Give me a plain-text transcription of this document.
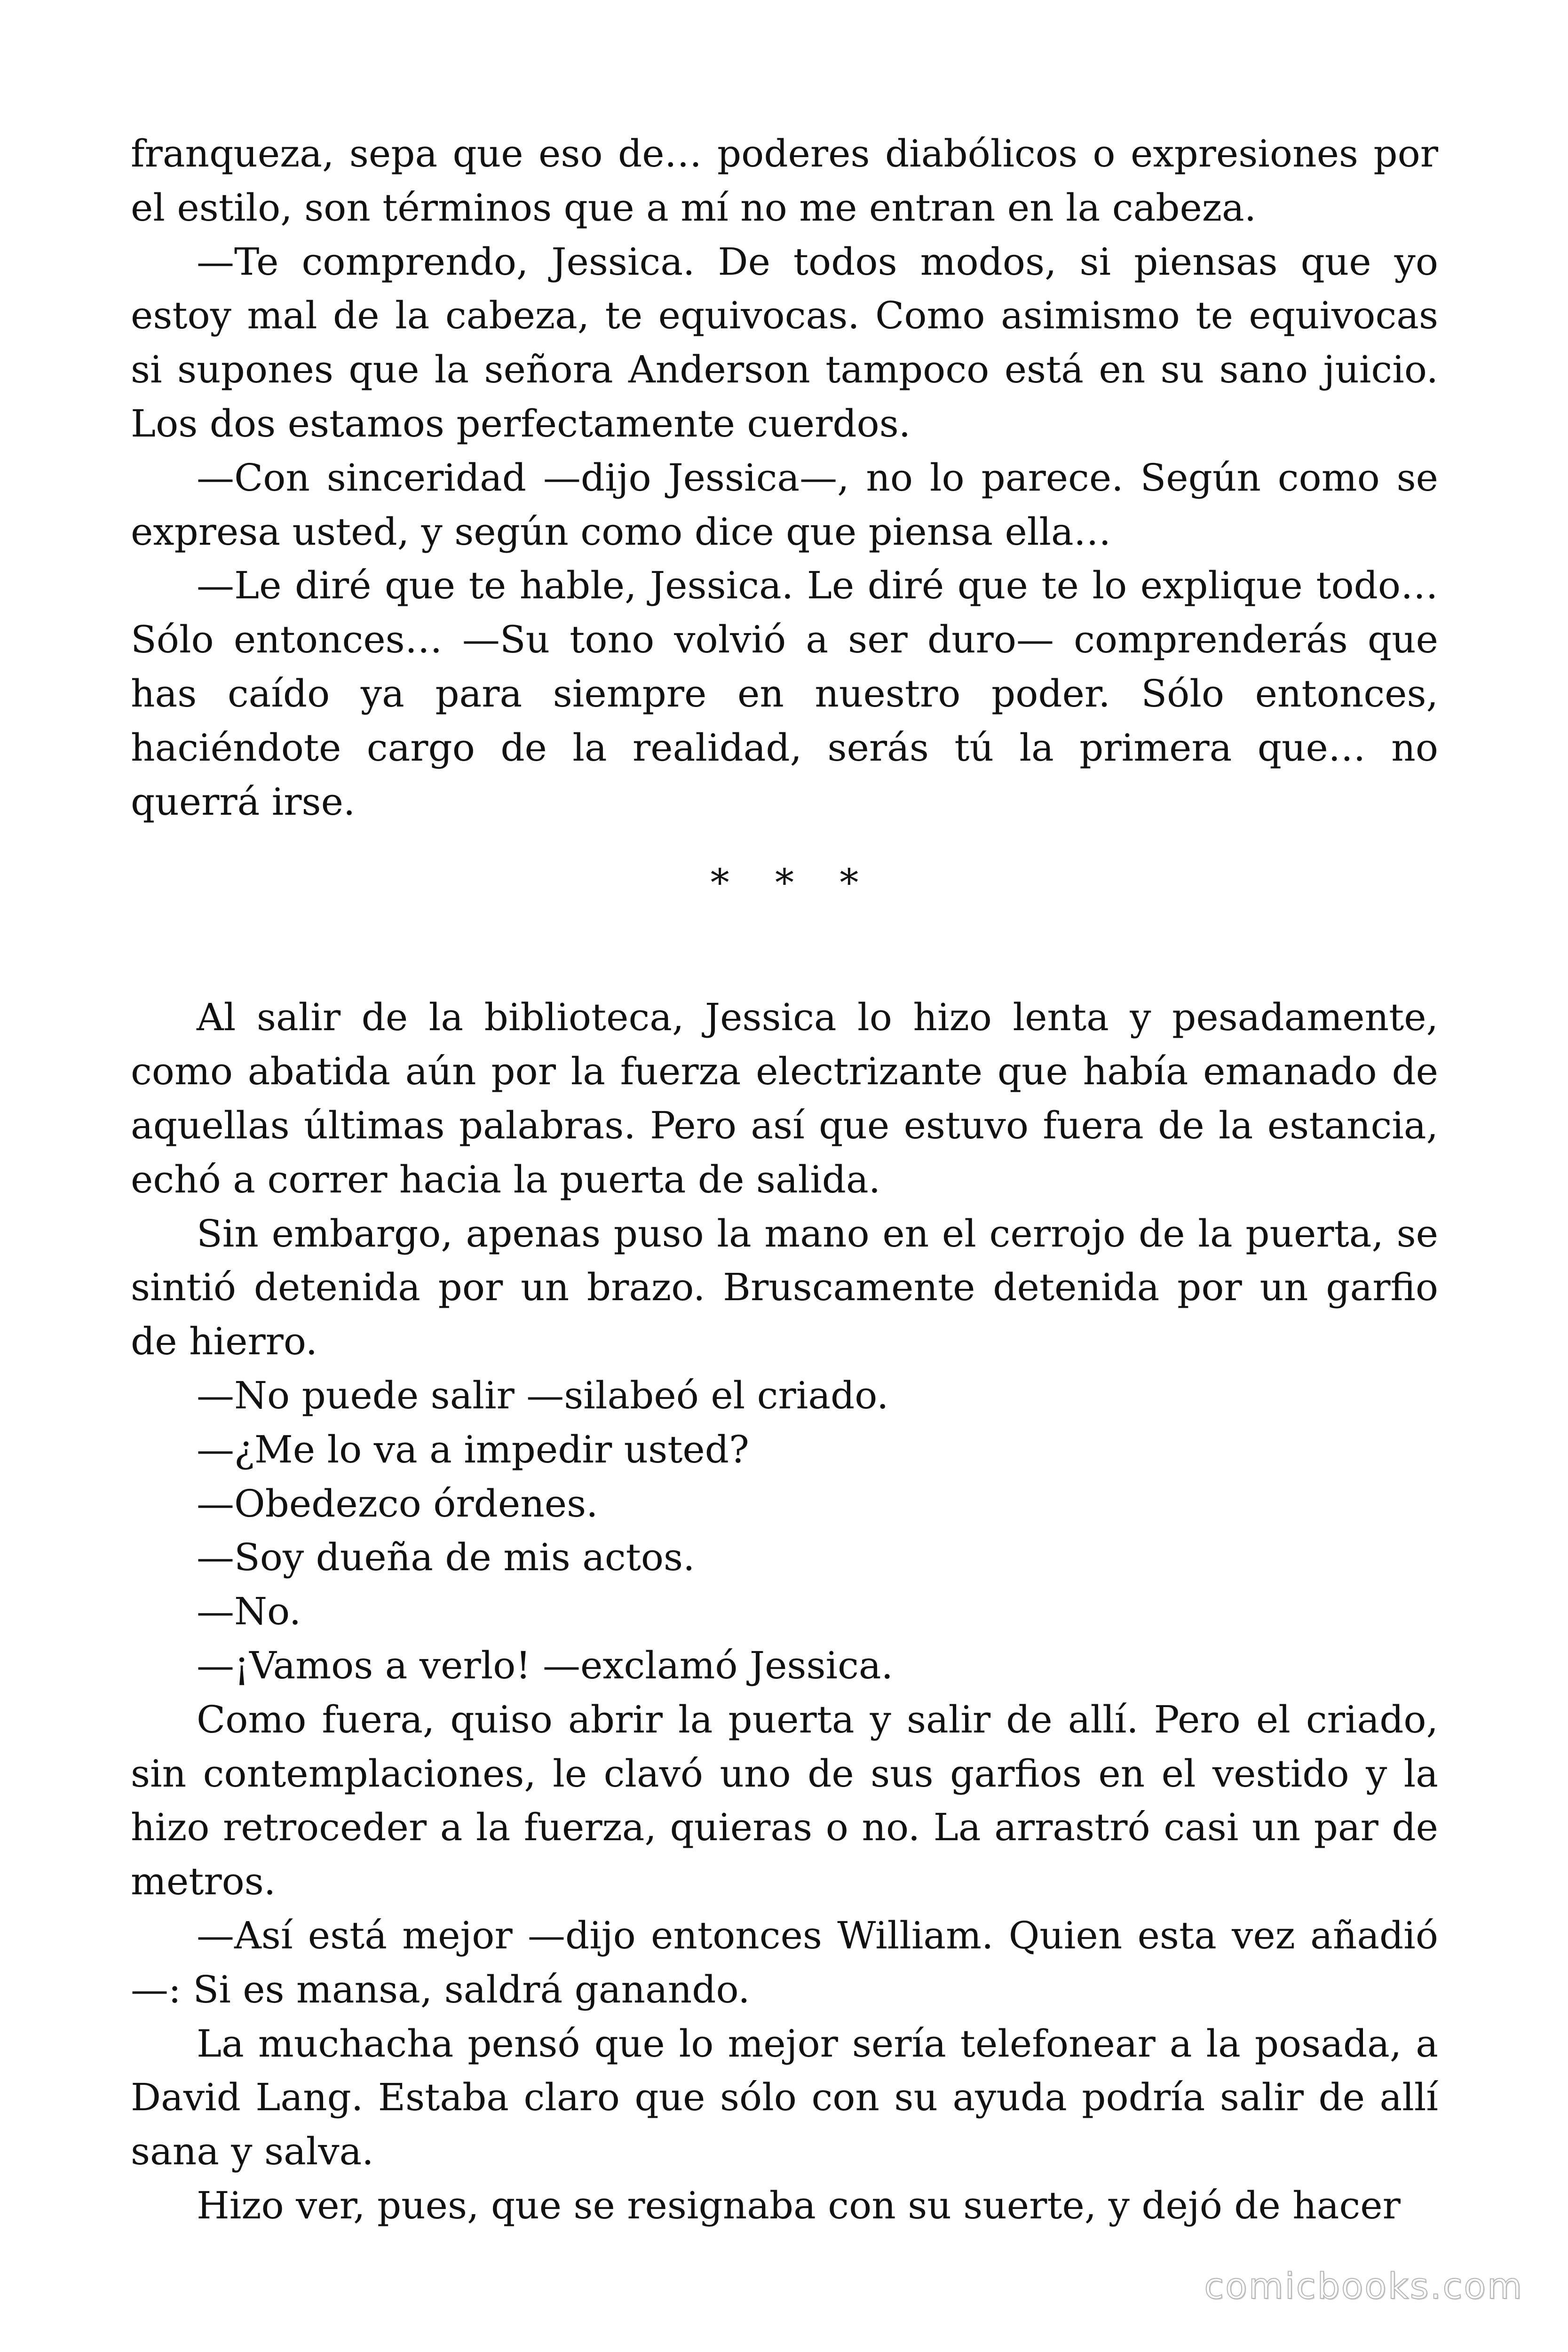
franqueza, sepa que eso de… poderes diabólicos o expresiones por el estilo, son términos que a mí no me entran en la cabeza.

—Te comprendo, Jessica. De todos modos, si piensas que yo estoy mal de la cabeza, te equivocas. Como asimismo te equivocas si supones que la señora Anderson tampoco está en su sano juicio. Los dos estamos perfectamente cuerdos.

—Con sinceridad —dijo Jessica—, no lo parece. Según como se expresa usted, y según como dice que piensa ella…

—Le diré que te hable, Jessica. Le diré que te lo explique todo… Sólo entonces… —Su tono volvió a ser duro— comprenderás que has caído ya para siempre en nuestro poder. Sólo entonces, haciéndote cargo de la realidad, serás tú la primera que… no querrá irse.

* * *

Al salir de la biblioteca, Jessica lo hizo lenta y pesadamente, como abatida aún por la fuerza electrizante que había emanado de aquellas últimas palabras. Pero así que estuvo fuera de la estancia, echó a correr hacia la puerta de salida.

Sin embargo, apenas puso la mano en el cerrojo de la puerta, se sintió detenida por un brazo. Bruscamente detenida por un garfio de hierro.

—No puede salir —silabeó el criado.

—¿Me lo va a impedir usted?

—Obedezco órdenes.

—Soy dueña de mis actos.

—No.

—¡Vamos a verlo! —exclamó Jessica.

Como fuera, quiso abrir la puerta y salir de allí. Pero el criado, sin contemplaciones, le clavó uno de sus garfios en el vestido y la hizo retroceder a la fuerza, quieras o no. La arrastró casi un par de metros.

—Así está mejor —dijo entonces William. Quien esta vez añadió—: Si es mansa, saldrá ganando.

La muchacha pensó que lo mejor sería telefonear a la posada, a David Lang. Estaba claro que sólo con su ayuda podría salir de allí sana y salva.

Hizo ver, pues, que se resignaba con su suerte, y dejó de hacer

comicbooks.com
